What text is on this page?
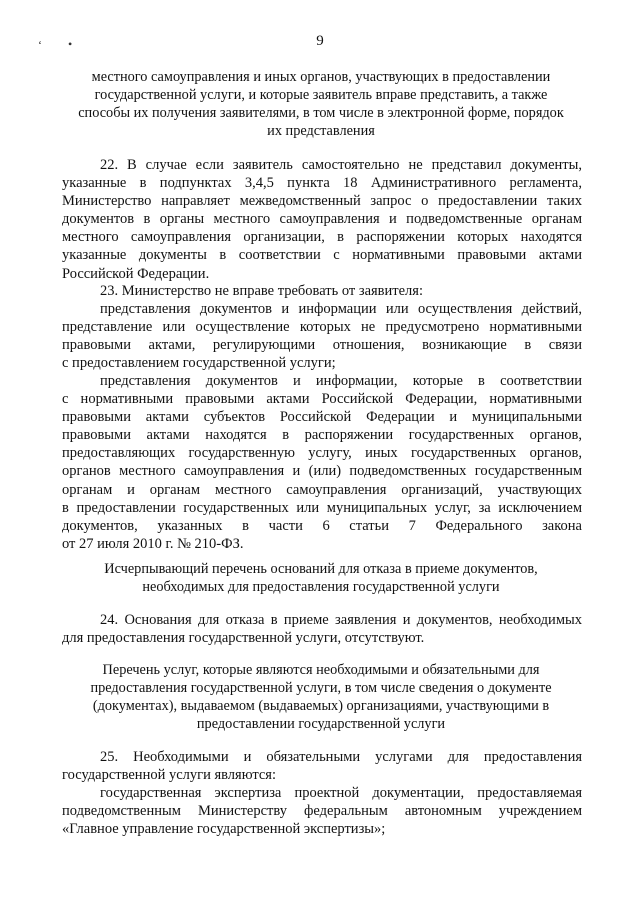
9
‘ •
местного самоуправления и иных органов, участвующих в предоставлении
государственной услуги, и которые заявитель вправе представить, а также
способы их получения заявителями, в том числе в электронной форме, порядок
их представления
22. В случае если заявитель самостоятельно не представил документы,
указанные в подпунктах 3,4,5 пункта 18 Административного регламента,
Министерство направляет межведомственный запрос о предоставлении таких
документов в органы местного самоуправления и подведомственные органам
местного самоуправления организации, в распоряжении которых находятся
указанные документы в соответствии с нормативными правовыми актами
Российской Федерации.
23. Министерство не вправе требовать от заявителя:
представления документов и информации или осуществления действий,
представление или осуществление которых не предусмотрено нормативными
правовыми актами, регулирующими отношения, возникающие в связи
с предоставлением государственной услуги;
представления документов и информации, которые в соответствии
с нормативными правовыми актами Российской Федерации, нормативными
правовыми актами субъектов Российской Федерации и муниципальными
правовыми актами находятся в распоряжении государственных органов,
предоставляющих государственную услугу, иных государственных органов,
органов местного самоуправления и (или) подведомственных государственным
органам и органам местного самоуправления организаций, участвующих
в предоставлении государственных или муниципальных услуг, за исключением
документов, указанных в части 6 статьи 7 Федерального закона
от 27 июля 2010 г. № 210-ФЗ.
Исчерпывающий перечень оснований для отказа в приеме документов,
необходимых для предоставления государственной услуги
24. Основания для отказа в приеме заявления и документов, необходимых
для предоставления государственной услуги, отсутствуют.
Перечень услуг, которые являются необходимыми и обязательными для
предоставления государственной услуги, в том числе сведения о документе
(документах), выдаваемом (выдаваемых) организациями, участвующими в
предоставлении государственной услуги
25. Необходимыми и обязательными услугами для предоставления
государственной услуги являются:
государственная экспертиза проектной документации, предоставляемая
подведомственным Министерству федеральным автономным учреждением
«Главное управление государственной экспертизы»;
